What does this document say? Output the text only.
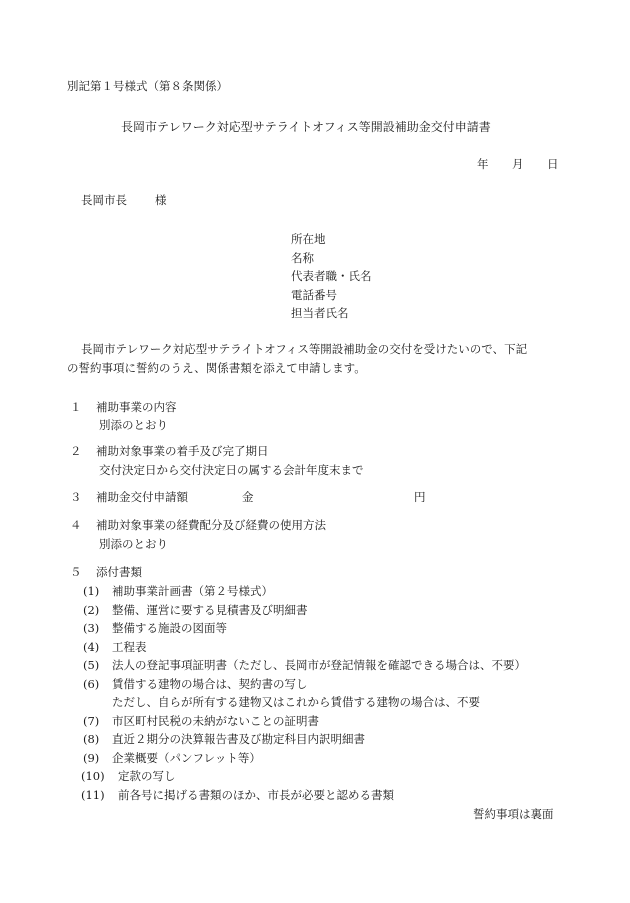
別記第１号様式（第８条関係）
長岡市テレワーク対応型サテライトオフィス等開設補助金交付申請書
年 月 日
長岡市長 様
所在地
名称
代表者職・氏名
電話番号
担当者氏名
長岡市テレワーク対応型サテライトオフィス等開設補助金の交付を受けたいので、下記
の誓約事項に誓約のうえ、関係書類を添えて申請します。
１ 補助事業の内容
別添のとおり
２ 補助対象事業の着手及び完了期日
交付決定日から交付決定日の属する会計年度末まで
３ 補助金交付申請額	金	円
４ 補助対象事業の経費配分及び経費の使用方法
別添のとおり
５ 添付書類
(1) 補助事業計画書（第２号様式）
(2) 整備、運営に要する見積書及び明細書
(3) 整備する施設の図面等
(4) 工程表
(5) 法人の登記事項証明書（ただし、長岡市が登記情報を確認できる場合は、不要）
(6) 賃借する建物の場合は、契約書の写し
ただし、自らが所有する建物又はこれから賃借する建物の場合は、不要
(7) 市区町村民税の未納がないことの証明書
(8) 直近２期分の決算報告書及び勘定科目内訳明細書
(9) 企業概要（パンフレット等）
(10) 定款の写し
(11) 前各号に掲げる書類のほか、市長が必要と認める書類
誓約事項は裏面
